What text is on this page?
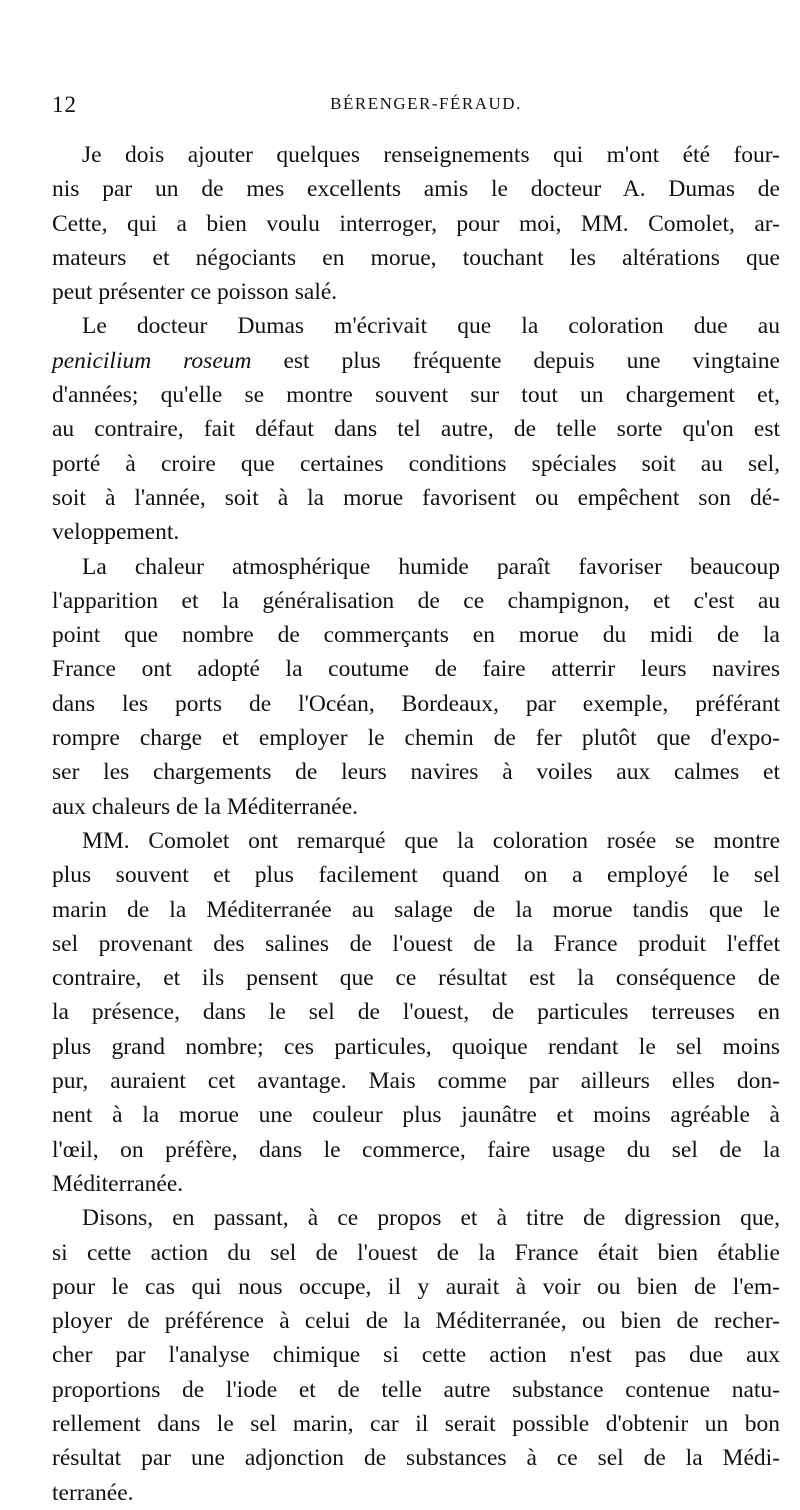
12	BÉRENGER-FÉRAUD.

Je dois ajouter quelques renseignements qui m'ont été four-
nis par un de mes excellents amis le docteur A. Dumas de
Cette, qui a bien voulu interroger, pour moi, MM. Comolet, ar-
mateurs et négociants en morue, touchant les altérations que
peut présenter ce poisson salé.

Le docteur Dumas m'écrivait que la coloration due au
penicilium roseum est plus fréquente depuis une vingtaine
d'années; qu'elle se montre souvent sur tout un chargement et,
au contraire, fait défaut dans tel autre, de telle sorte qu'on est
porté à croire que certaines conditions spéciales soit au sel,
soit à l'année, soit à la morue favorisent ou empêchent son dé-
veloppement.

La chaleur atmosphérique humide paraît favoriser beaucoup
l'apparition et la généralisation de ce champignon, et c'est au
point que nombre de commerçants en morue du midi de la
France ont adopté la coutume de faire atterrir leurs navires
dans les ports de l'Océan, Bordeaux, par exemple, préférant
rompre charge et employer le chemin de fer plutôt que d'expo-
ser les chargements de leurs navires à voiles aux calmes et
aux chaleurs de la Méditerranée.

MM. Comolet ont remarqué que la coloration rosée se montre
plus souvent et plus facilement quand on a employé le sel
marin de la Méditerranée au salage de la morue tandis que le
sel provenant des salines de l'ouest de la France produit l'effet
contraire, et ils pensent que ce résultat est la conséquence de
la présence, dans le sel de l'ouest, de particules terreuses en
plus grand nombre; ces particules, quoique rendant le sel moins
pur, auraient cet avantage. Mais comme par ailleurs elles don-
nent à la morue une couleur plus jaunâtre et moins agréable à
l'œil, on préfère, dans le commerce, faire usage du sel de la
Méditerranée.

Disons, en passant, à ce propos et à titre de digression que,
si cette action du sel de l'ouest de la France était bien établie
pour le cas qui nous occupe, il y aurait à voir ou bien de l'em-
ployer de préférence à celui de la Méditerranée, ou bien de recher-
cher par l'analyse chimique si cette action n'est pas due aux
proportions de l'iode et de telle autre substance contenue natu-
rellement dans le sel marin, car il serait possible d'obtenir un bon
résultat par une adjonction de substances à ce sel de la Médi-
terranée.
